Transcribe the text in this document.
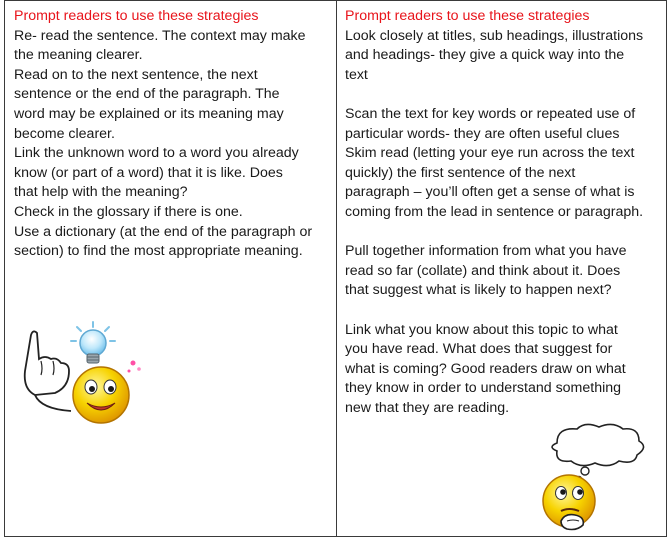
Prompt readers to use these strategies

Re- read the sentence. The context may make

the meaning clearer.

Read on to the next sentence, the next

sentence or the end of the paragraph. The

word may be explained or its meaning may

become clearer.

Link the unknown word to a word you already

know (or part of a word) that it is like. Does

that help with the meaning?

Check in the glossary if there is one.

Use a dictionary (at the end of the paragraph or

section) to find the most appropriate meaning.

Prompt readers to use these strategies

Look closely at titles, sub headings, illustrations

and headings- they give a quick way into the

text

Scan the text for key words or repeated use of

particular words- they are often useful clues

Skim read (letting your eye run across the text

quickly) the first sentence of the next

paragraph – you’ll often get a sense of what is

coming from the lead in sentence or paragraph.

Pull together information from what you have

read so far (collate) and think about it. Does

that suggest what is likely to happen next?

Link what you know about this topic to what

you have read. What does that suggest for

what is coming? Good readers draw on what

they know in order to understand something

new that they are reading.
